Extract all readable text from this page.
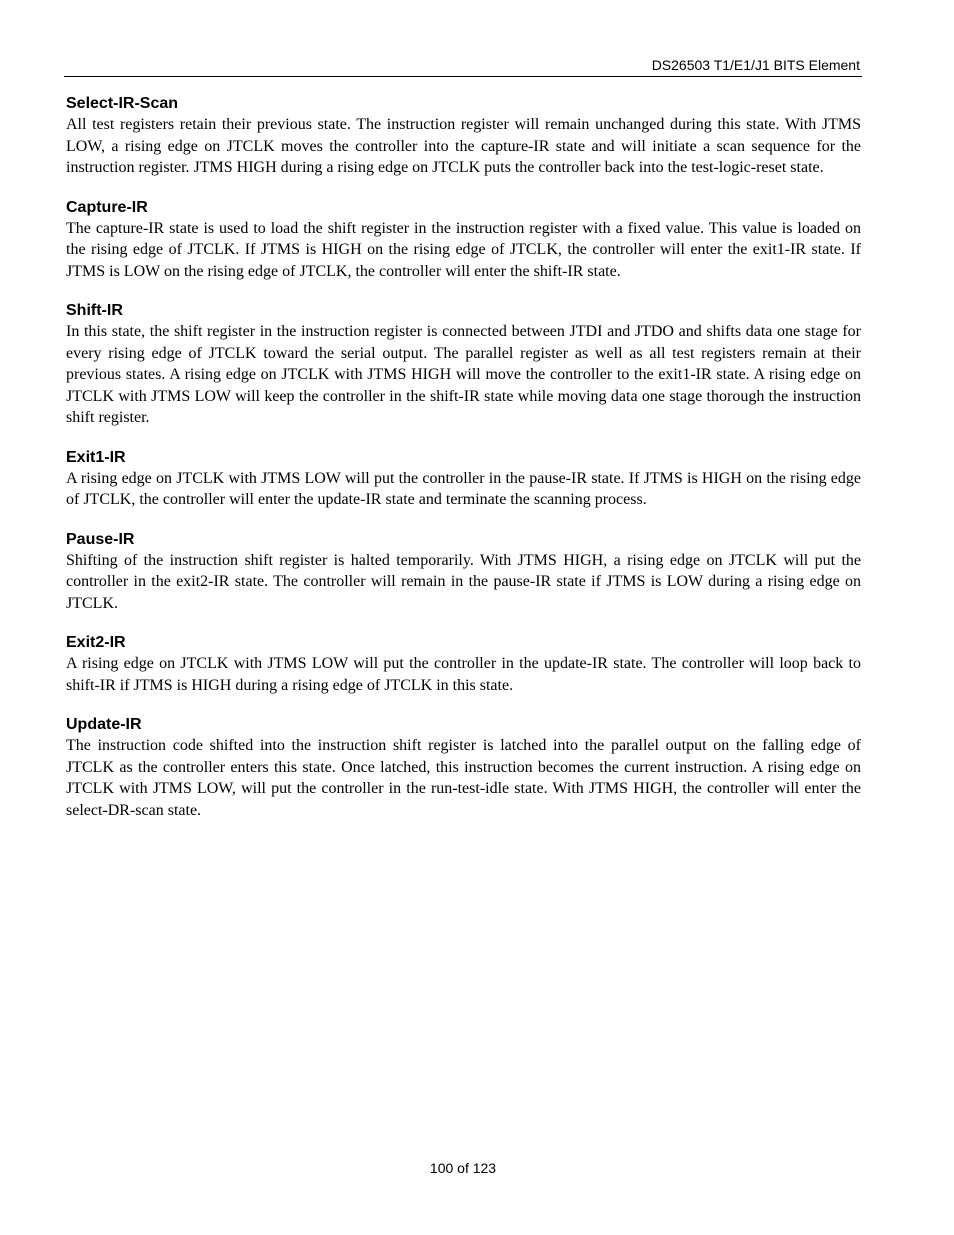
DS26503 T1/E1/J1 BITS Element
Select-IR-Scan

All test registers retain their previous state. The instruction register will remain unchanged during this state. With JTMS LOW, a rising edge on JTCLK moves the controller into the capture-IR state and will initiate a scan sequence for the instruction register. JTMS HIGH during a rising edge on JTCLK puts the controller back into the test-logic-reset state.

Capture-IR

The capture-IR state is used to load the shift register in the instruction register with a fixed value. This value is loaded on the rising edge of JTCLK. If JTMS is HIGH on the rising edge of JTCLK, the controller will enter the exit1-IR state. If JTMS is LOW on the rising edge of JTCLK, the controller will enter the shift-IR state.

Shift-IR

In this state, the shift register in the instruction register is connected between JTDI and JTDO and shifts data one stage for every rising edge of JTCLK toward the serial output. The parallel register as well as all test registers remain at their previous states. A rising edge on JTCLK with JTMS HIGH will move the controller to the exit1-IR state. A rising edge on JTCLK with JTMS LOW will keep the controller in the shift-IR state while moving data one stage thorough the instruction shift register.

Exit1-IR

A rising edge on JTCLK with JTMS LOW will put the controller in the pause-IR state. If JTMS is HIGH on the rising edge of JTCLK, the controller will enter the update-IR state and terminate the scanning process.

Pause-IR

Shifting of the instruction shift register is halted temporarily. With JTMS HIGH, a rising edge on JTCLK will put the controller in the exit2-IR state. The controller will remain in the pause-IR state if JTMS is LOW during a rising edge on JTCLK.

Exit2-IR

A rising edge on JTCLK with JTMS LOW will put the controller in the update-IR state. The controller will loop back to shift-IR if JTMS is HIGH during a rising edge of JTCLK in this state.

Update-IR

The instruction code shifted into the instruction shift register is latched into the parallel output on the falling edge of JTCLK as the controller enters this state. Once latched, this instruction becomes the current instruction. A rising edge on JTCLK with JTMS LOW, will put the controller in the run-test-idle state. With JTMS HIGH, the controller will enter the select-DR-scan state.

100 of 123
